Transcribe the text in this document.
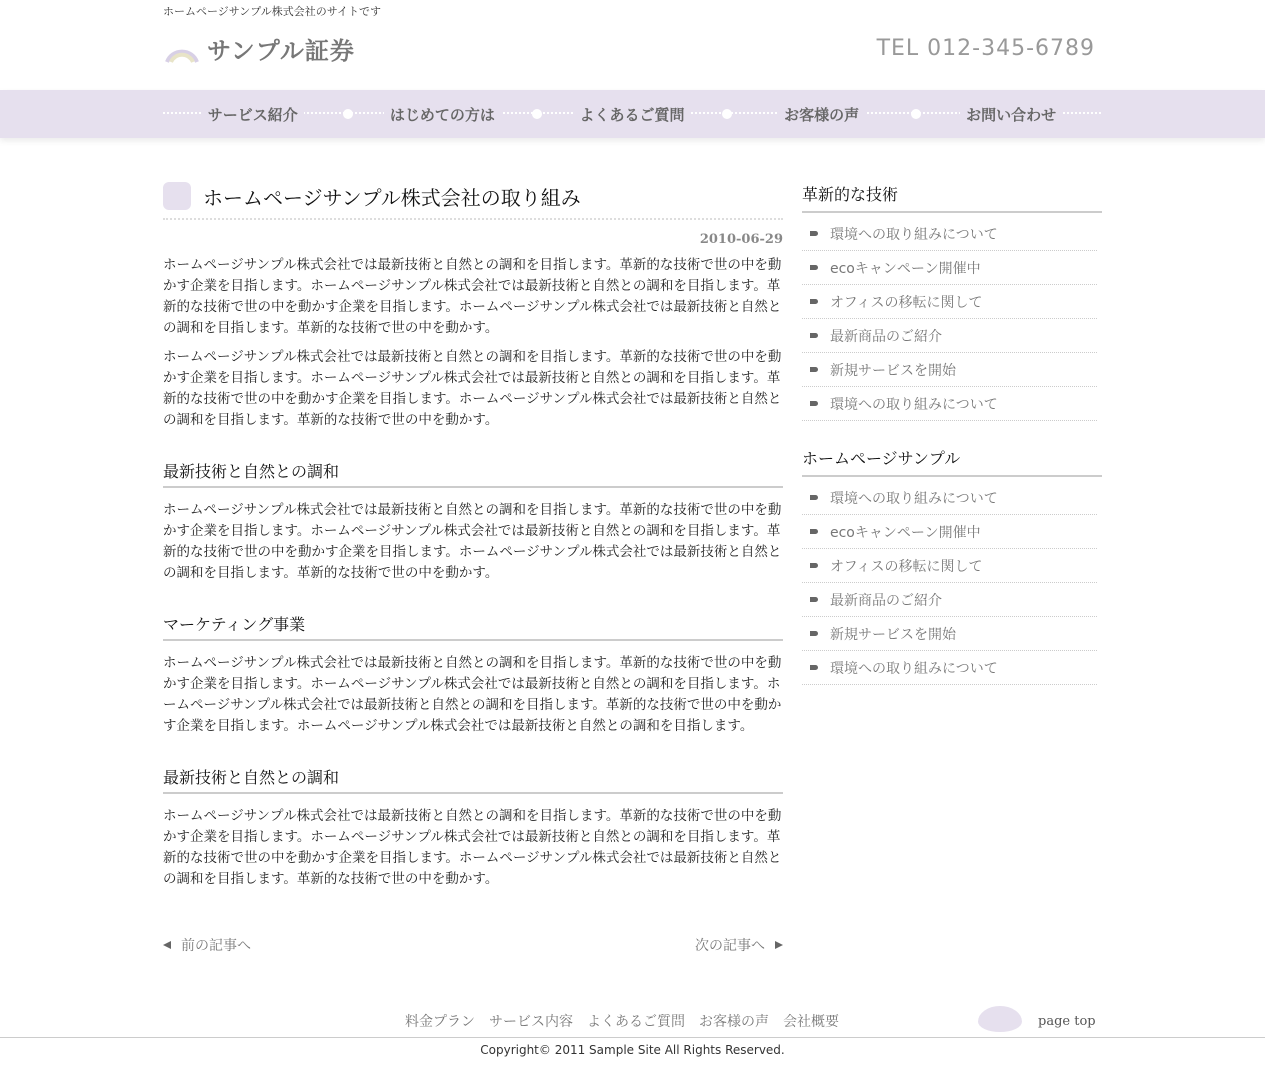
ホームページサンプル株式会社のサイトです
サンプル証券	TEL 012-345-6789
サービス紹介	はじめての方は	よくあるご質問	お客様の声	お問い合わせ
ホームページサンプル株式会社の取り組み
2010-06-29

ホームページサンプル株式会社では最新技術と自然との調和を目指します。革新的な技術で世の中を動かす企業を目指します。ホームページサンプル株式会社では最新技術と自然との調和を目指します。革新的な技術で世の中を動かす企業を目指します。ホームページサンプル株式会社では最新技術と自然との調和を目指します。革新的な技術で世の中を動かす。

ホームページサンプル株式会社では最新技術と自然との調和を目指します。革新的な技術で世の中を動かす企業を目指します。ホームページサンプル株式会社では最新技術と自然との調和を目指します。革新的な技術で世の中を動かす企業を目指します。ホームページサンプル株式会社では最新技術と自然との調和を目指します。革新的な技術で世の中を動かす。

最新技術と自然との調和

ホームページサンプル株式会社では最新技術と自然との調和を目指します。革新的な技術で世の中を動かす企業を目指します。ホームページサンプル株式会社では最新技術と自然との調和を目指します。革新的な技術で世の中を動かす企業を目指します。ホームページサンプル株式会社では最新技術と自然との調和を目指します。革新的な技術で世の中を動かす。

マーケティング事業

ホームページサンプル株式会社では最新技術と自然との調和を目指します。革新的な技術で世の中を動かす企業を目指します。ホームページサンプル株式会社では最新技術と自然との調和を目指します。ホームページサンプル株式会社では最新技術と自然との調和を目指します。革新的な技術で世の中を動かす企業を目指します。ホームページサンプル株式会社では最新技術と自然との調和を目指します。

最新技術と自然との調和

ホームページサンプル株式会社では最新技術と自然との調和を目指します。革新的な技術で世の中を動かす企業を目指します。ホームページサンプル株式会社では最新技術と自然との調和を目指します。革新的な技術で世の中を動かす企業を目指します。ホームページサンプル株式会社では最新技術と自然との調和を目指します。革新的な技術で世の中を動かす。

前の記事へ	次の記事へ
革新的な技術
環境への取り組みについて
ecoキャンペーン開催中
オフィスの移転に関して
最新商品のご紹介
新規サービスを開始
環境への取り組みについて
ホームページサンプル
環境への取り組みについて
ecoキャンペーン開催中
オフィスの移転に関して
最新商品のご紹介
新規サービスを開始
環境への取り組みについて
料金プラン サービス内容 よくあるご質問 お客様の声 会社概要	page top
Copyright© 2011 Sample Site All Rights Reserved.
